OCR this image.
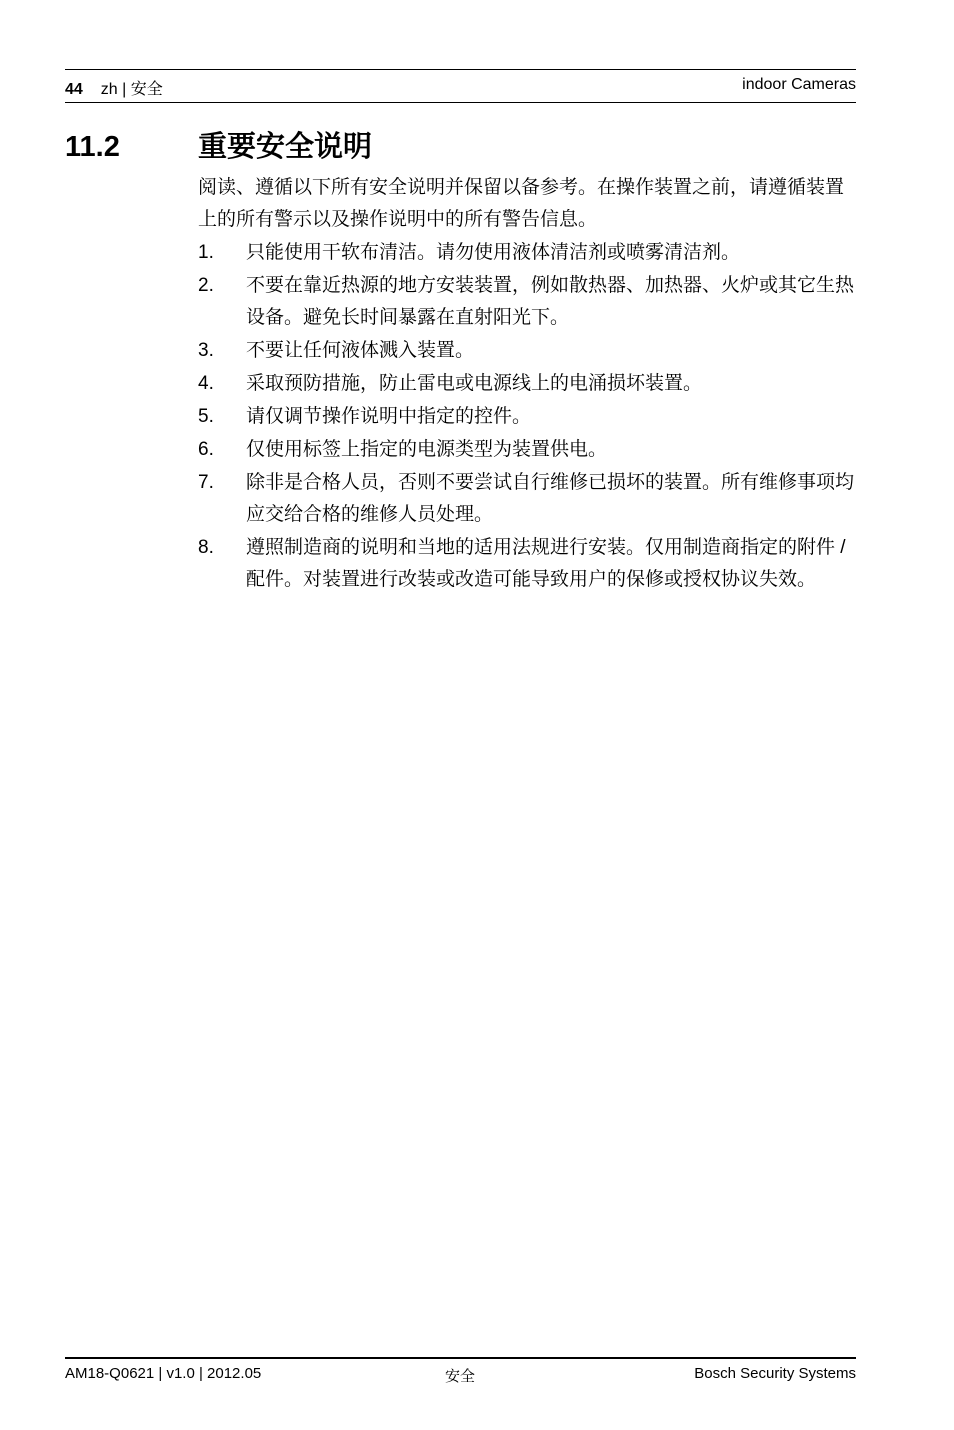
44 zh | 安全	indoor Cameras
11.2	重要安全说明

阅读、遵循以下所有安全说明并保留以备参考。在操作装置之前，请遵循装置上的所有警示以及操作说明中的所有警告信息。

1.	只能使用干软布清洁。请勿使用液体清洁剂或喷雾清洁剂。
2.	不要在靠近热源的地方安装装置，例如散热器、加热器、火炉或其它生热设备。避免长时间暴露在直射阳光下。
3.	不要让任何液体溅入装置。
4.	采取预防措施，防止雷电或电源线上的电涌损坏装置。
5.	请仅调节操作说明中指定的控件。
6.	仅使用标签上指定的电源类型为装置供电。
7.	除非是合格人员，否则不要尝试自行维修已损坏的装置。所有维修事项均应交给合格的维修人员处理。
8.	遵照制造商的说明和当地的适用法规进行安装。仅用制造商指定的附件 / 配件。对装置进行改装或改造可能导致用户的保修或授权协议失效。
AM18-Q0621 | v1.0 | 2012.05	安全	Bosch Security Systems
